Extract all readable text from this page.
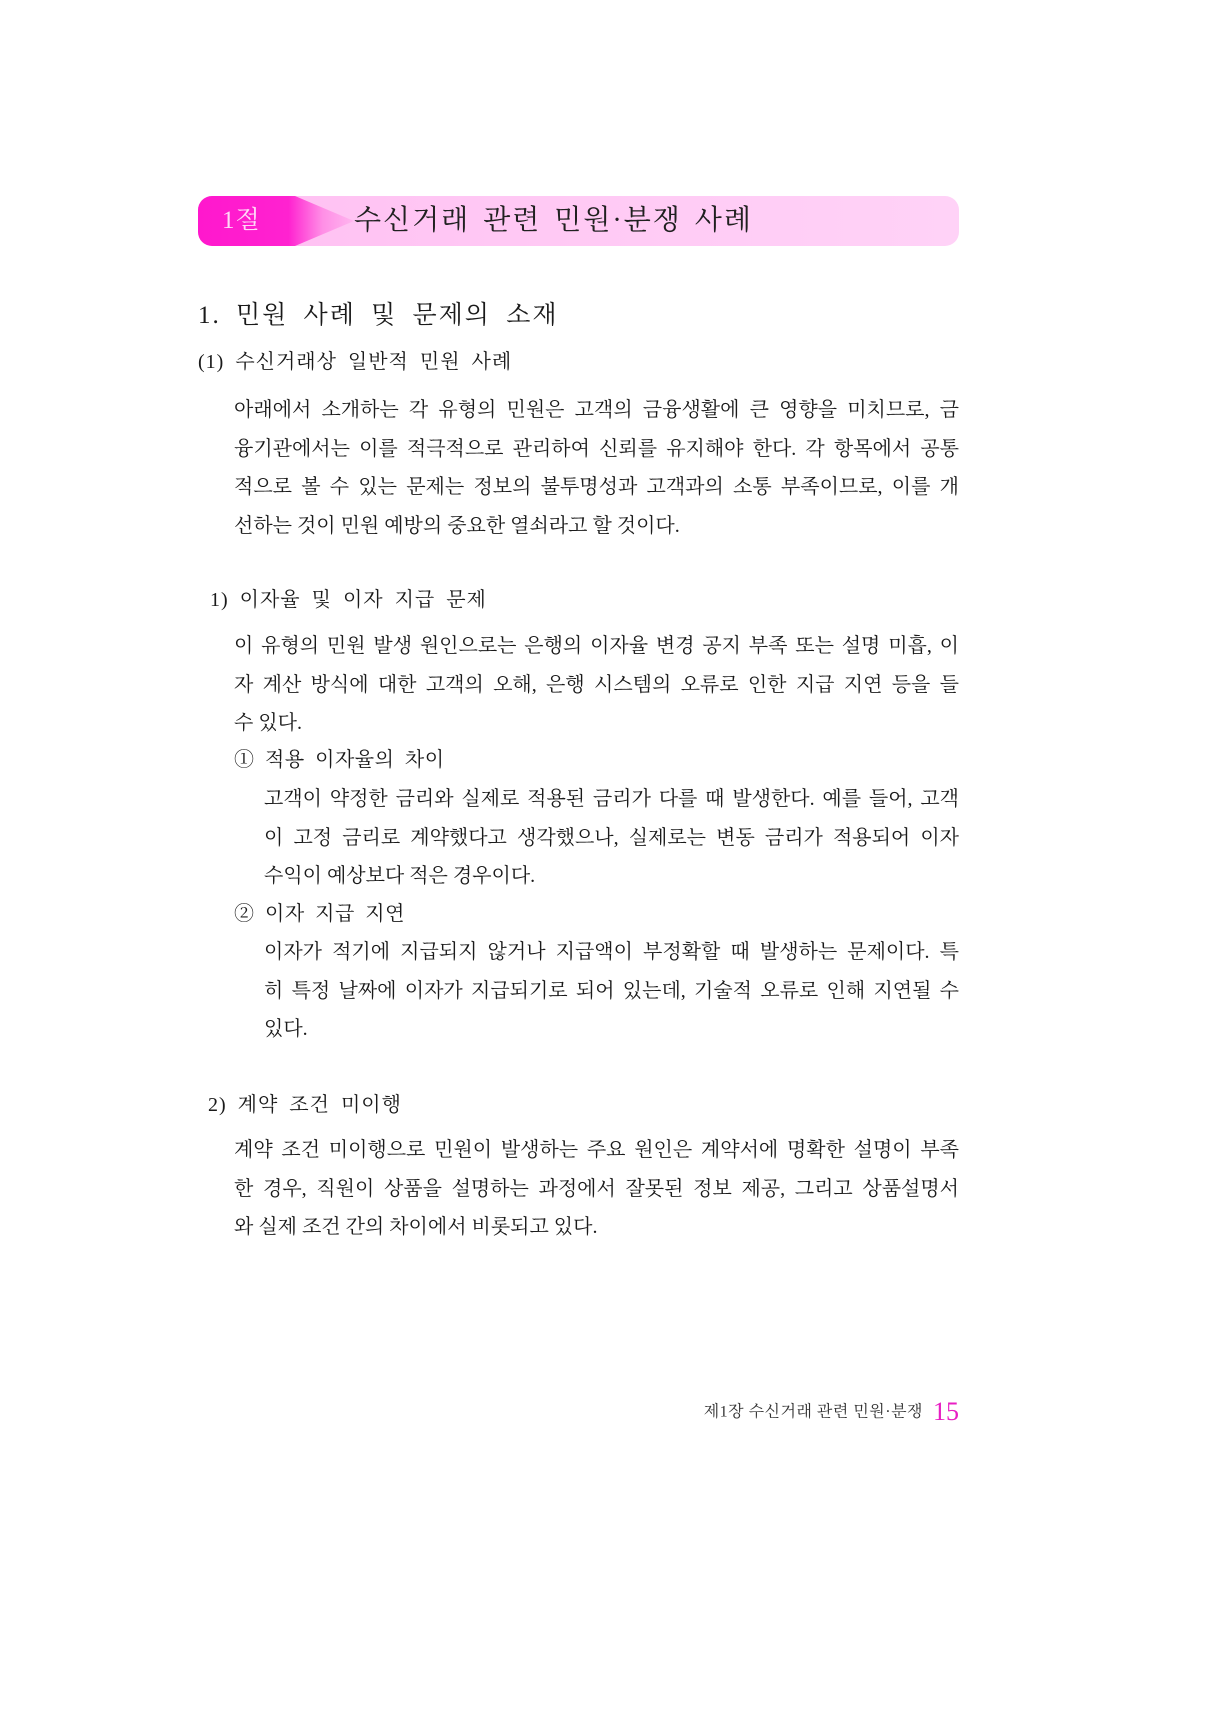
1절	수신거래 관련 민원·분쟁 사례
1. 민원 사례 및 문제의 소재
(1) 수신거래상 일반적 민원 사례
아래에서 소개하는 각 유형의 민원은 고객의 금융생활에 큰 영향을 미치므로, 금
융기관에서는 이를 적극적으로 관리하여 신뢰를 유지해야 한다. 각 항목에서 공통
적으로 볼 수 있는 문제는 정보의 불투명성과 고객과의 소통 부족이므로, 이를 개
선하는 것이 민원 예방의 중요한 열쇠라고 할 것이다.
1) 이자율 및 이자 지급 문제
이 유형의 민원 발생 원인으로는 은행의 이자율 변경 공지 부족 또는 설명 미흡, 이
자 계산 방식에 대한 고객의 오해, 은행 시스템의 오류로 인한 지급 지연 등을 들
수 있다.
① 적용 이자율의 차이
고객이 약정한 금리와 실제로 적용된 금리가 다를 때 발생한다. 예를 들어, 고객
이 고정 금리로 계약했다고 생각했으나, 실제로는 변동 금리가 적용되어 이자
수익이 예상보다 적은 경우이다.
② 이자 지급 지연
이자가 적기에 지급되지 않거나 지급액이 부정확할 때 발생하는 문제이다. 특
히 특정 날짜에 이자가 지급되기로 되어 있는데, 기술적 오류로 인해 지연될 수
있다.
2) 계약 조건 미이행
계약 조건 미이행으로 민원이 발생하는 주요 원인은 계약서에 명확한 설명이 부족
한 경우, 직원이 상품을 설명하는 과정에서 잘못된 정보 제공, 그리고 상품설명서
와 실제 조건 간의 차이에서 비롯되고 있다.
제1장 수신거래 관련 민원·분쟁 15
